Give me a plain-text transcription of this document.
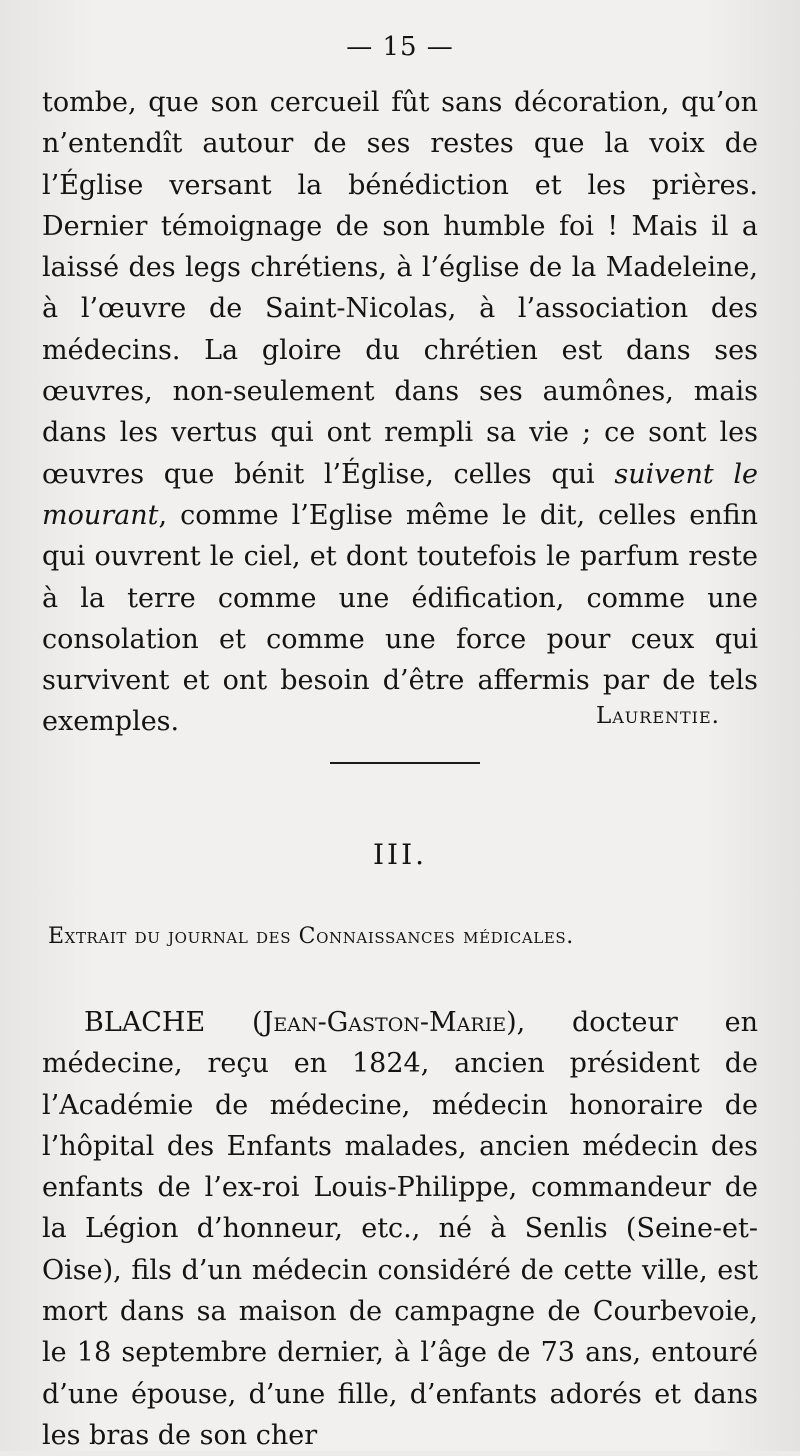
— 15 —

tombe, que son cercueil fût sans décoration, qu’on n’entendît autour de ses restes que la voix de l’Église versant la bénédiction et les prières. Dernier témoignage de son humble foi ! Mais il a laissé des legs chrétiens, à l’église de la Madeleine, à l’œuvre de Saint-Nicolas, à l’association des médecins. La gloire du chrétien est dans ses œuvres, non-seulement dans ses aumônes, mais dans les vertus qui ont rempli sa vie ; ce sont les œuvres que bénit l’Église, celles qui suivent le mourant, comme l’Eglise même le dit, celles enfin qui ouvrent le ciel, et dont toutefois le parfum reste à la terre comme une édification, comme une consolation et comme une force pour ceux qui survivent et ont besoin d’être affermis par de tels exemples.	Laurentie.
III.
Extrait du journal des Connaissances médicales.

BLACHE (Jean-Gaston-Marie), docteur en médecine, reçu en 1824, ancien président de l’Académie de médecine, médecin honoraire de l’hôpital des Enfants malades, ancien médecin des enfants de l’ex-roi Louis-Philippe, commandeur de la Légion d’honneur, etc., né à Senlis (Seine-et-Oise), fils d’un médecin considéré de cette ville, est mort dans sa maison de campagne de Courbevoie, le 18 septembre dernier, à l’âge de 73 ans, entouré d’une épouse, d’une fille, d’enfants adorés et dans les bras de son cher
